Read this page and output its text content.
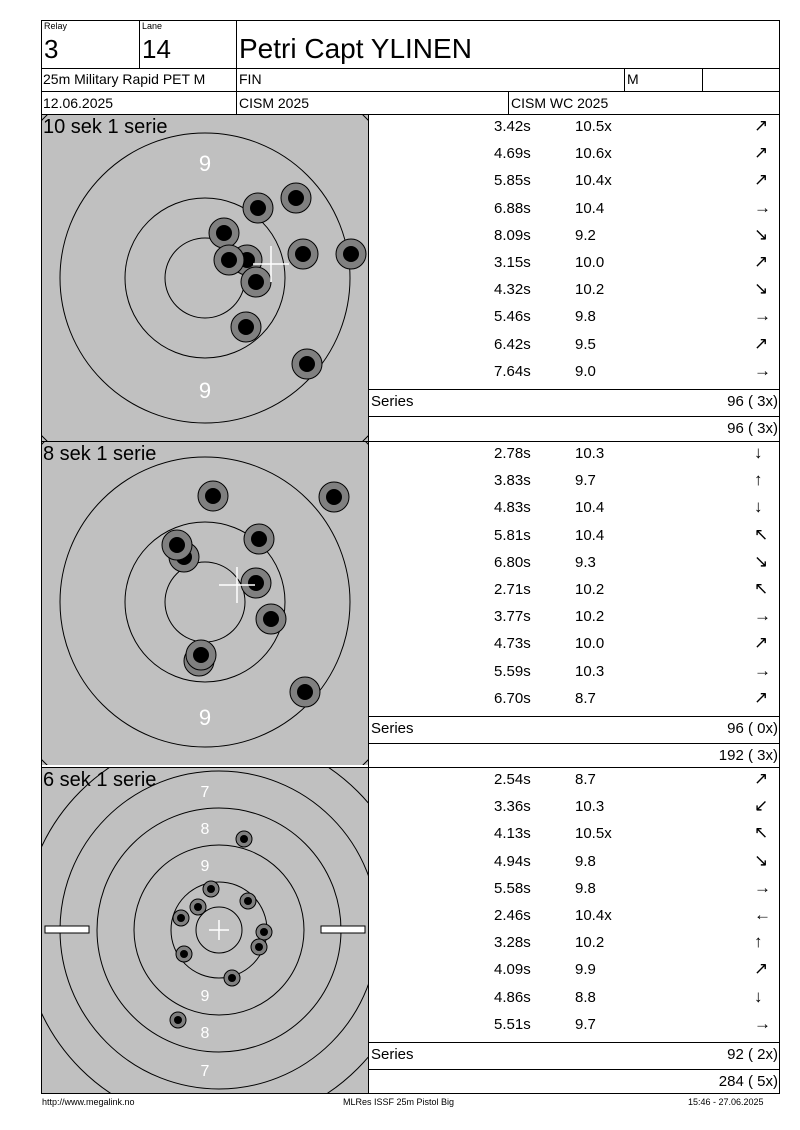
Relay
3
Lane
14 Petri Capt YLINEN
25m Military Rapid PET M FIN	M
12.06.2025	CISM 2025	CISM WC 2025
9
9
10 sek 1 serie
9
8 sek 1 serie
7
8
9
9
8
7
6 sek 1 serie
3.42s	10.5x	↗
4.69s	10.6x	↗
5.85s	10.4x	↗
6.88s	10.4	→
8.09s	9.2	↘
3.15s	10.0	↗
4.32s	10.2	↘
5.46s	9.8	→
6.42s	9.5	↗
7.64s	9.0	→
Series	96 ( 3x)
96 ( 3x)
2.78s	10.3	↓
3.83s	9.7	↑
4.83s	10.4	↓
5.81s	10.4	↖
6.80s	9.3	↘
2.71s	10.2	↖
3.77s	10.2	→
4.73s	10.0	↗
5.59s	10.3	→
6.70s	8.7	↗
Series	96 ( 0x)
192 ( 3x)
2.54s	8.7	↗
3.36s	10.3	↙
4.13s	10.5x	↖
4.94s	9.8	↘
5.58s	9.8	→
2.46s	10.4x	←
3.28s	10.2	↑
4.09s	9.9	↗
4.86s	8.8	↓
5.51s	9.7	→
Series	92 ( 2x)
284 ( 5x)
http://www.megalink.no	MLRes ISSF 25m Pistol Big	15:46 - 27.06.2025
